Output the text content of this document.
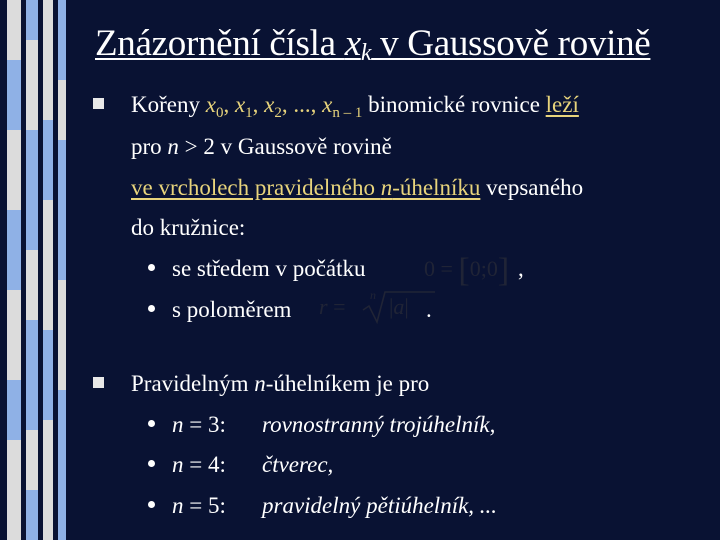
Znázornění čísla $x_k$ v Gaussově rovině
Kořeny $x_0$, $x_1$, $x_2$, ..., $x_{n - 1}$ binomické rovnice leží
pro n > 2 v Gaussově rovině
ve vrcholech pravidelného n-úhelníku vepsaného
do kružnice:
se středem v počátku	0 = [0;0] ,
s poloměrem r = n |a| .
Pravidelným n-úhelníkem je pro
n = 3: rovnostranný trojúhelník,
n = 4: čtverec,
n = 5: pravidelný pětiúhelník, ...
